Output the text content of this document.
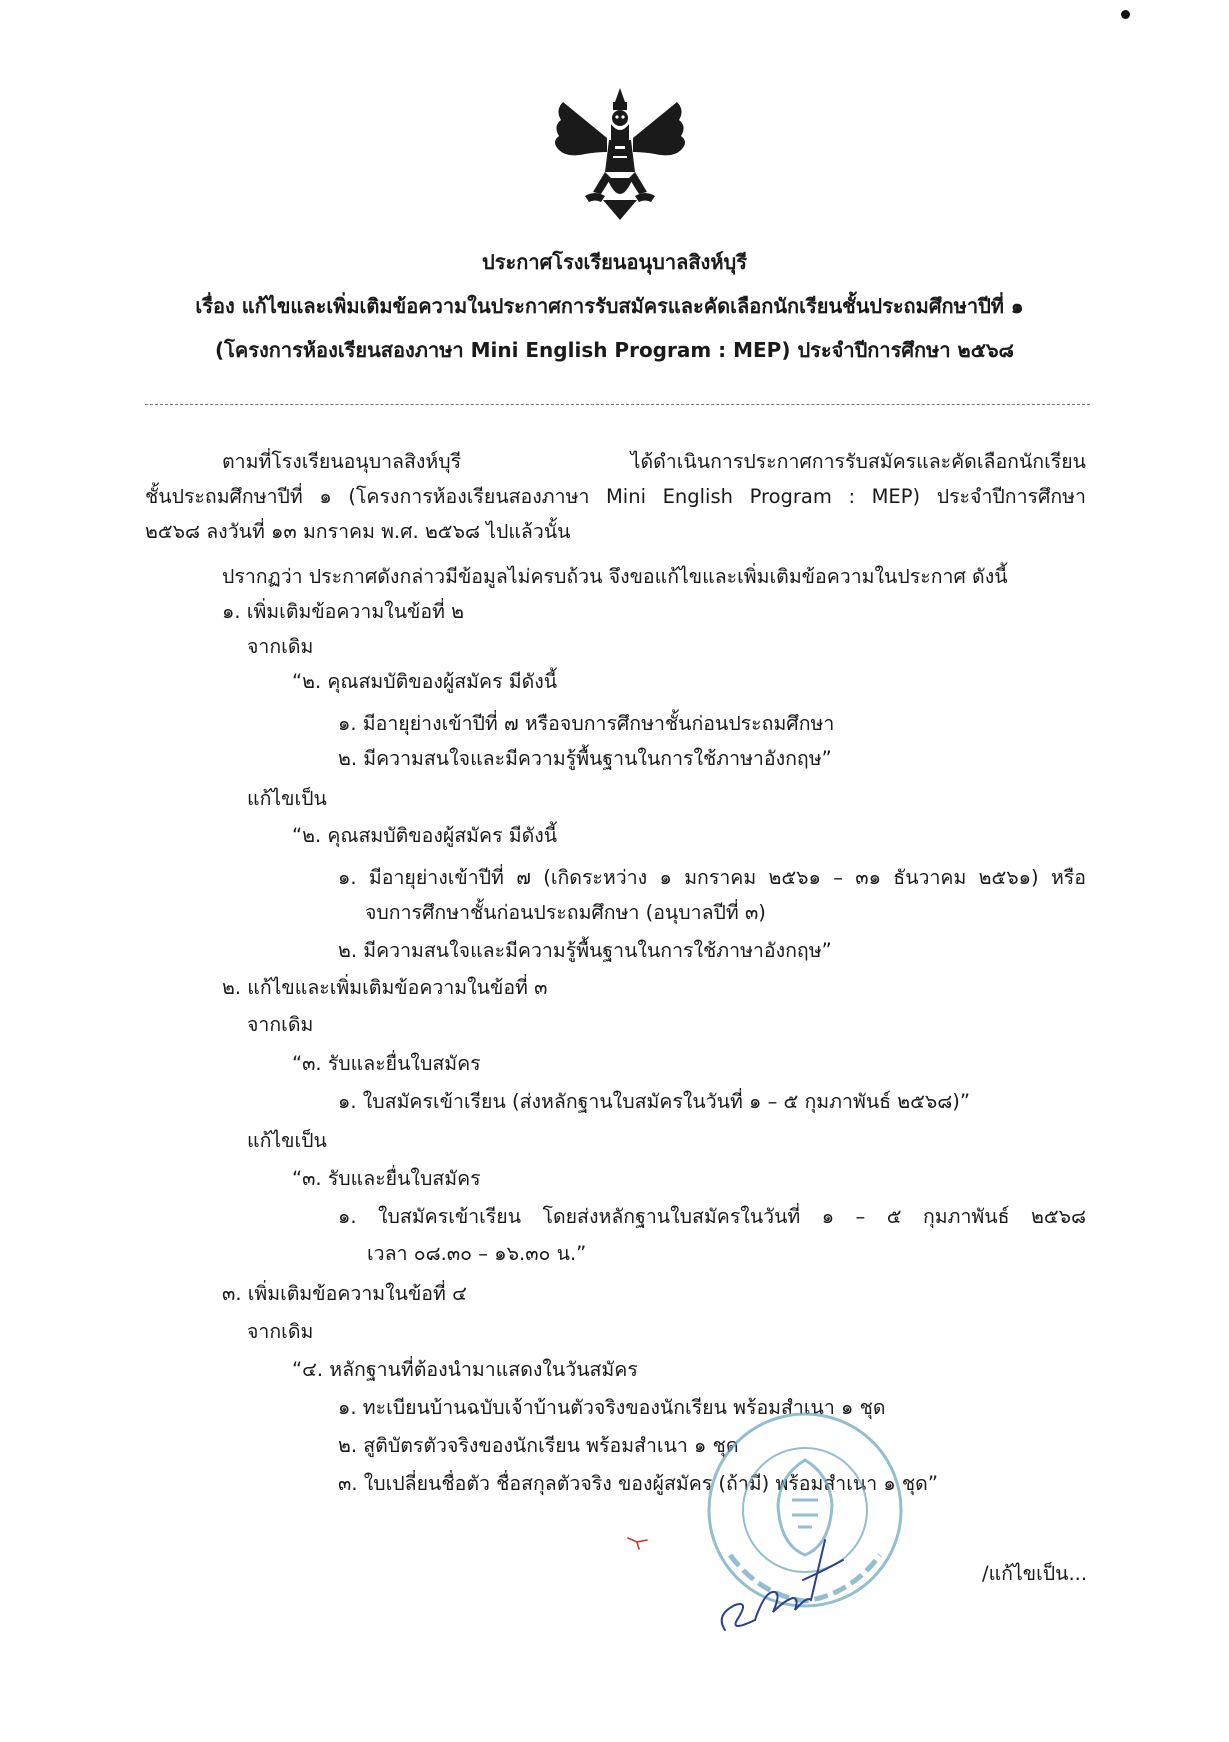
ประกาศโรงเรียนอนุบาลสิงห์บุรี
เรื่อง แก้ไขและเพิ่มเติมข้อความในประกาศการรับสมัครและคัดเลือกนักเรียนชั้นประถมศึกษาปีที่ ๑
(โครงการห้องเรียนสองภาษา Mini English Program : MEP) ประจำปีการศึกษา ๒๕๖๘
ตามที่โรงเรียนอนุบาลสิงห์บุรี ได้ดำเนินการประกาศการรับสมัครและคัดเลือกนักเรียน
ชั้นประถมศึกษาปีที่ ๑ (โครงการห้องเรียนสองภาษา Mini English Program : MEP) ประจำปีการศึกษา
๒๕๖๘ ลงวันที่ ๑๓ มกราคม พ.ศ. ๒๕๖๘ ไปแล้วนั้น
ปรากฏว่า ประกาศดังกล่าวมีข้อมูลไม่ครบถ้วน จึงขอแก้ไขและเพิ่มเติมข้อความในประกาศ ดังนี้
๑. เพิ่มเติมข้อความในข้อที่ ๒
จากเดิม
“๒. คุณสมบัติของผู้สมัคร มีดังนี้
๑. มีอายุย่างเข้าปีที่ ๗ หรือจบการศึกษาชั้นก่อนประถมศึกษา
๒. มีความสนใจและมีความรู้พื้นฐานในการใช้ภาษาอังกฤษ”
แก้ไขเป็น
“๒. คุณสมบัติของผู้สมัคร มีดังนี้
๑. มีอายุย่างเข้าปีที่ ๗ (เกิดระหว่าง ๑ มกราคม ๒๕๖๑ – ๓๑ ธันวาคม ๒๕๖๑) หรือ
จบการศึกษาชั้นก่อนประถมศึกษา (อนุบาลปีที่ ๓)
๒. มีความสนใจและมีความรู้พื้นฐานในการใช้ภาษาอังกฤษ”
๒. แก้ไขและเพิ่มเติมข้อความในข้อที่ ๓
จากเดิม
“๓. รับและยื่นใบสมัคร
๑. ใบสมัครเข้าเรียน (ส่งหลักฐานใบสมัครในวันที่ ๑ – ๕ กุมภาพันธ์ ๒๕๖๘)”
แก้ไขเป็น
“๓. รับและยื่นใบสมัคร
๑. ใบสมัครเข้าเรียน โดยส่งหลักฐานใบสมัครในวันที่ ๑ – ๕ กุมภาพันธ์ ๒๕๖๘
เวลา ๐๘.๓๐ – ๑๖.๓๐ น.”
๓. เพิ่มเติมข้อความในข้อที่ ๔
จากเดิม
“๔. หลักฐานที่ต้องนำมาแสดงในวันสมัคร
๑. ทะเบียนบ้านฉบับเจ้าบ้านตัวจริงของนักเรียน พร้อมสำเนา ๑ ชุด
๒. สูติบัตรตัวจริงของนักเรียน พร้อมสำเนา ๑ ชุด
๓. ใบเปลี่ยนชื่อตัว ชื่อสกุลตัวจริง ของผู้สมัคร (ถ้ามี) พร้อมสำเนา ๑ ชุด”
/แก้ไขเป็น...
